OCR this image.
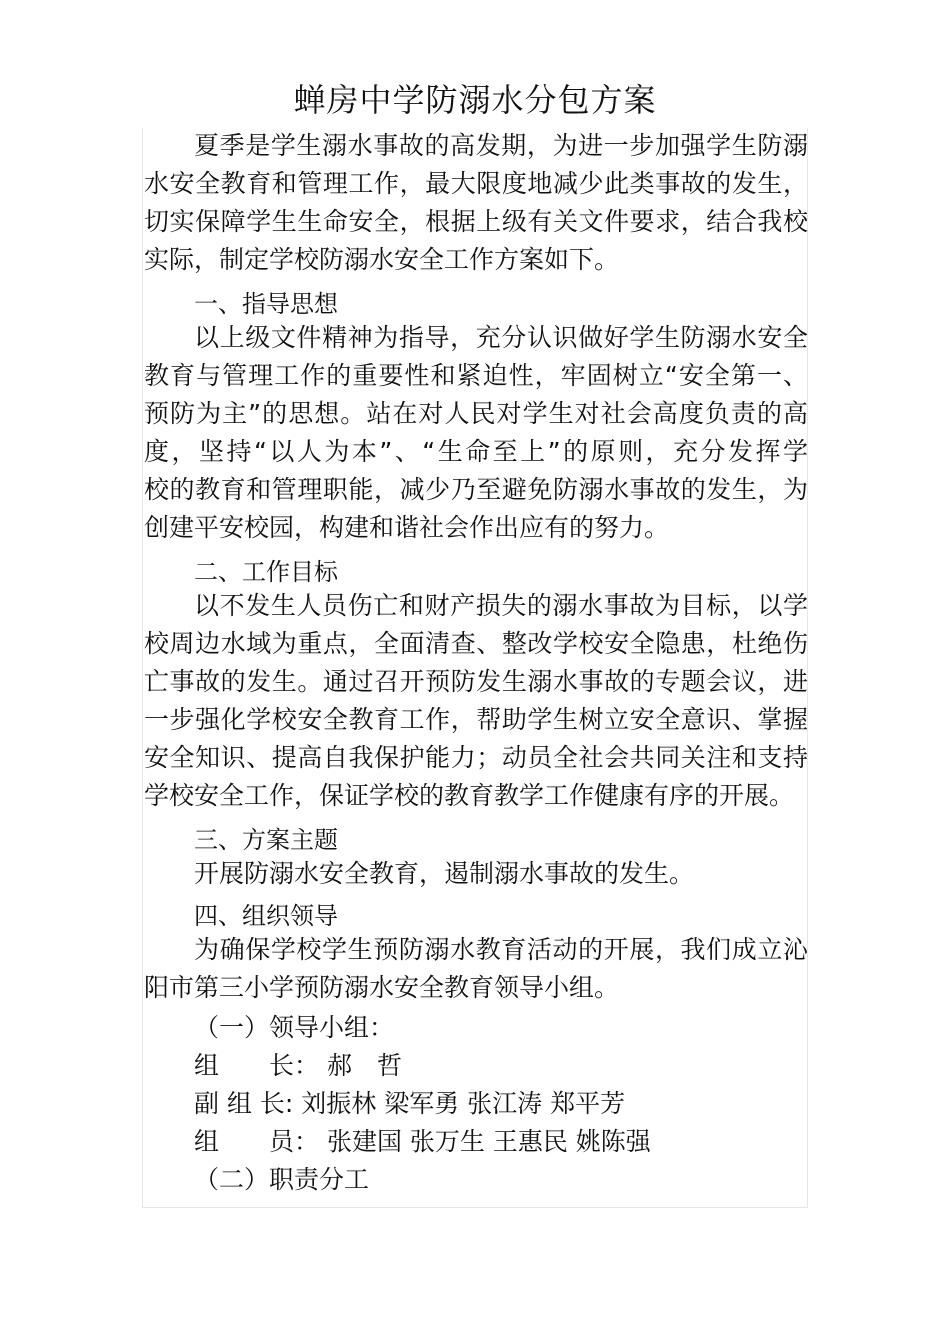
蝉房中学防溺水分包方案

夏季是学生溺水事故的高发期，为进一步加强学生防溺

水安全教育和管理工作，最大限度地减少此类事故的发生，

切实保障学生生命安全，根据上级有关文件要求，结合我校

实际，制定学校防溺水安全工作方案如下。

一、指导思想

以上级文件精神为指导，充分认识做好学生防溺水安全

教育与管理工作的重要性和紧迫性，牢固树立“安全第一、

预防为主”的思想。站在对人民对学生对社会高度负责的高

度，坚持“以人为本”、“生命至上”的原则，充分发挥学

校的教育和管理职能，减少乃至避免防溺水事故的发生，为

创建平安校园，构建和谐社会作出应有的努力。

二、工作目标

以不发生人员伤亡和财产损失的溺水事故为目标，以学

校周边水域为重点，全面清查、整改学校安全隐患，杜绝伤

亡事故的发生。通过召开预防发生溺水事故的专题会议，进

一步强化学校安全教育工作，帮助学生树立安全意识、掌握

安全知识、提高自我保护能力；动员全社会共同关注和支持

学校安全工作，保证学校的教育教学工作健康有序的开展。

三、方案主题

开展防溺水安全教育，遏制溺水事故的发生。

四、组织领导

为确保学校学生预防溺水教育活动的开展，我们成立沁

阳市第三小学预防溺水安全教育领导小组。

（一）领导小组：

组　　长： 郝　哲

副 组 长: 刘振林 梁军勇 张江涛 郑平芳

组　　员： 张建国 张万生 王惠民 姚陈强

（二）职责分工
